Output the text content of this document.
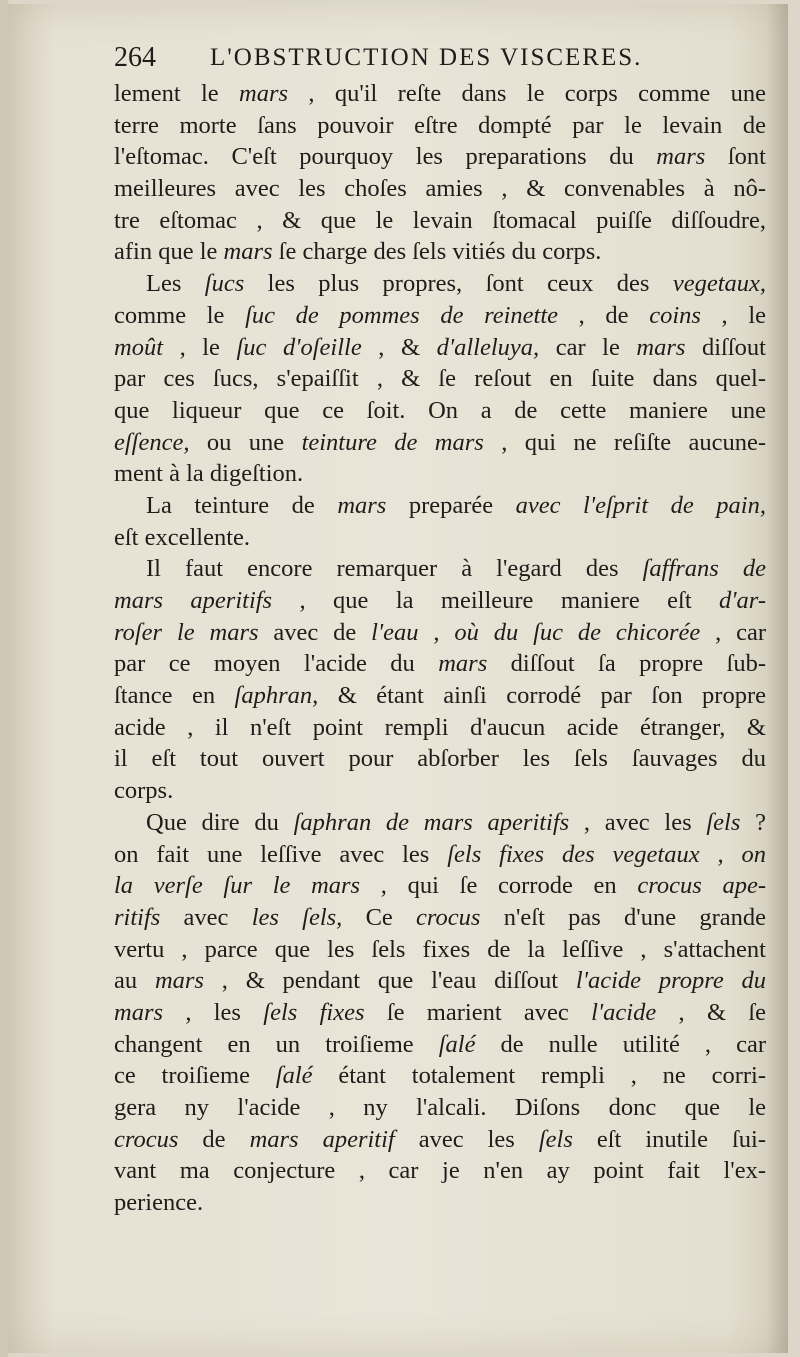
264 L'OBSTRUCTION DES VISCERES.
lement le mars , qu'il reſte dans le corps comme une
terre morte ſans pouvoir eſtre dompté par le levain de
l'eſtomac. C'eſt pourquoy les preparations du mars ſont
meilleures avec les choſes amies , & convenables à nô-
tre eſtomac , & que le levain ſtomacal puiſſe diſſoudre,
afin que le mars ſe charge des ſels vitiés du corps.
Les ſucs les plus propres, ſont ceux des vegetaux,
comme le ſuc de pommes de reinette , de coins , le
moût , le ſuc d'oſeille , & d'alleluya, car le mars diſſout
par ces ſucs, s'epaiſſit , & ſe reſout en ſuite dans quel-
que liqueur que ce ſoit. On a de cette maniere une
eſſence, ou une teinture de mars , qui ne reſiſte aucune-
ment à la digeſtion.
La teinture de mars preparée avec l'eſprit de pain,
eſt excellente.
Il faut encore remarquer à l'egard des ſaffrans de
mars aperitifs , que la meilleure maniere eſt d'ar-
roſer le mars avec de l'eau , où du ſuc de chicorée , car
par ce moyen l'acide du mars diſſout ſa propre ſub-
ſtance en ſaphran, & étant ainſi corrodé par ſon propre
acide , il n'eſt point rempli d'aucun acide étranger, &
il eſt tout ouvert pour abſorber les ſels ſauvages du
corps.
Que dire du ſaphran de mars aperitifs , avec les ſels ?
on fait une leſſive avec les ſels fixes des vegetaux , on
la verſe ſur le mars , qui ſe corrode en crocus ape-
ritifs avec les ſels, Ce crocus n'eſt pas d'une grande
vertu , parce que les ſels fixes de la leſſive , s'attachent
au mars , & pendant que l'eau diſſout l'acide propre du
mars , les ſels fixes ſe marient avec l'acide , & ſe
changent en un troiſieme ſalé de nulle utilité , car
ce troiſieme ſalé étant totalement rempli , ne corri-
gera ny l'acide , ny l'alcali. Diſons donc que le
crocus de mars aperitif avec les ſels eſt inutile ſui-
vant ma conjecture , car je n'en ay point fait l'ex-
perience.
